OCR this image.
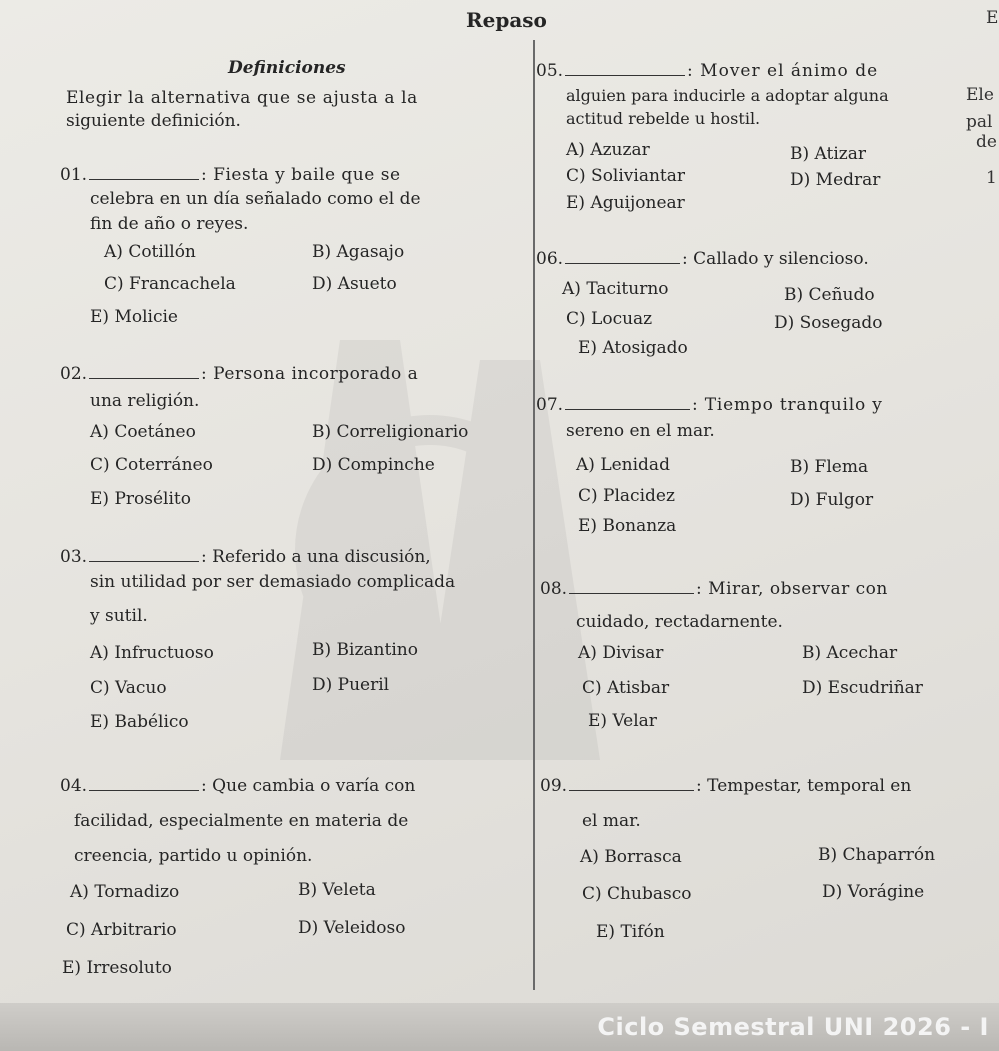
Repaso	E
Definiciones
Elegir la alternativa que se ajusta a la
siguiente definición.
01.	: Fiesta y baile que se
celebra en un día señalado como el de
fin de año o reyes.
A) Cotillón	B) Agasajo
C) Francachela	D) Asueto
E) Molicie
02.	: Persona incorporado a
una religión.
A) Coetáneo	B) Correligionario
C) Coterráneo	D) Compinche
E) Prosélito
03.	: Referido a una discusión,
sin utilidad por ser demasiado complicada
y sutil.
A) Infructuoso	B) Bizantino
C) Vacuo	D) Pueril
E) Babélico
04.	: Que cambia o varía con
facilidad, especialmente en materia de
creencia, partido u opinión.
A) Tornadizo	B) Veleta
C) Arbitrario	D) Veleidoso
E) Irresoluto
05.	: Mover el ánimo de
alguien para inducirle a adoptar alguna
actitud rebelde u hostil.
A) Azuzar	B) Atizar
C) Soliviantar	D) Medrar
E) Aguijonear
06.	: Callado y silencioso.
A) Taciturno	B) Ceñudo
C) Locuaz	D) Sosegado
E) Atosigado
07.	: Tiempo tranquilo y
sereno en el mar.
A) Lenidad	B) Flema
C) Placidez	D) Fulgor
E) Bonanza
08.	: Mirar, observar con
cuidado, rectadarnente.
A) Divisar	B) Acechar
C) Atisbar	D) Escudriñar
E) Velar
09.	: Tempestar, temporal en
el mar.
A) Borrasca	B) Chaparrón
C) Chubasco	D) Vorágine
E) Tifón
Ele
pal
de
1
Ciclo Semestral UNI 2026 - I
